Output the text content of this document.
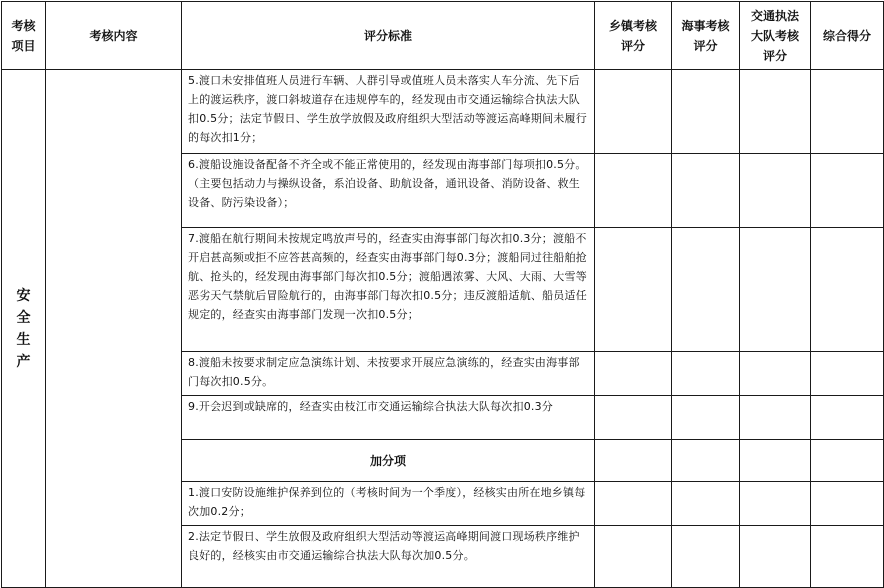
考核项目	考核内容	评分标准	乡镇考核评分	海事考核评分	交通执法大队考核评分	综合得分

安全生产		5.渡口未安排值班人员进行车辆、人群引导或值班人员未落实人车分流、先下后上的渡运秩序，渡口斜坡道存在违规停车的，经发现由市交通运输综合执法大队扣0.5分；法定节假日、学生放学放假及政府组织大型活动等渡运高峰期间未履行的每次扣1分；				
		6.渡船设施设备配备不齐全或不能正常使用的，经发现由海事部门每项扣0.5分。（主要包括动力与操纵设备，系泊设备、助航设备，通讯设备、消防设备、救生设备、防污染设备）；				
		7.渡船在航行期间未按规定鸣放声号的，经查实由海事部门每次扣0.3分；渡船不开启甚高频或拒不应答甚高频的，经查实由海事部门每0.3分；渡船同过往船舶抢航、抢头的，经发现由海事部门每次扣0.5分；渡船遇浓雾、大风、大雨、大雪等恶劣天气禁航后冒险航行的，由海事部门每次扣0.5分；违反渡船适航、船员适任规定的，经查实由海事部门发现一次扣0.5分；				
		8.渡船未按要求制定应急演练计划、未按要求开展应急演练的，经查实由海事部门每次扣0.5分。				
		9.开会迟到或缺席的，经查实由枝江市交通运输综合执法大队每次扣0.3分				
		加分项				
		1.渡口安防设施维护保养到位的（考核时间为一个季度），经核实由所在地乡镇每次加0.2分；				
		2.法定节假日、学生放假及政府组织大型活动等渡运高峰期间渡口现场秩序维护良好的，经核实由市交通运输综合执法大队每次加0.5分。				
